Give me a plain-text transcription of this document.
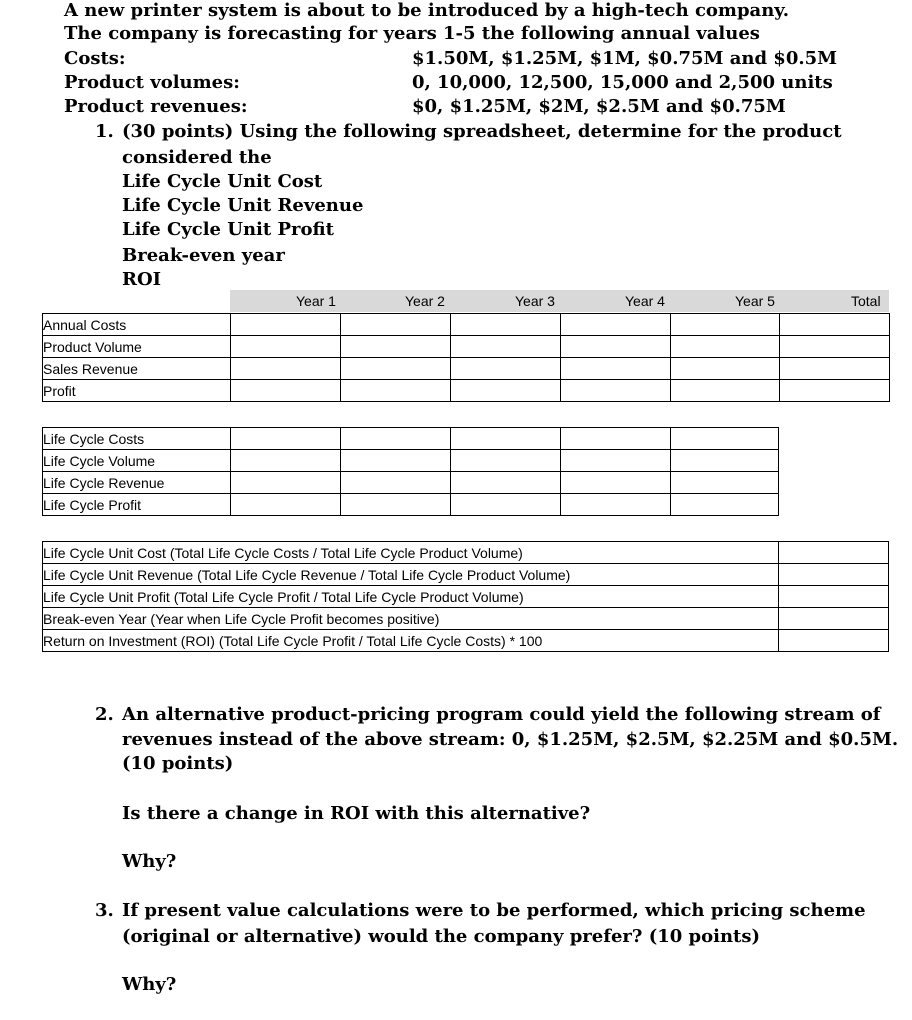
A new printer system is about to be introduced by a high-tech company.
The company is forecasting for years 1-5 the following annual values
Costs:	$1.50M, $1.25M, $1M, $0.75M and $0.5M
Product volumes:	0, 10,000, 12,500, 15,000 and 2,500 units
Product revenues:	$0, $1.25M, $2M, $2.5M and $0.75M
1. (30 points) Using the following spreadsheet, determine for the product
considered the
Life Cycle Unit Cost
Life Cycle Unit Revenue
Life Cycle Unit Profit
Break-even year
ROI
Year 1	Year 2	Year 3	Year 4	Year 5	Total
Annual Costs						
Product Volume						
Sales Revenue						
Profit						
Life Cycle Costs					
Life Cycle Volume					
Life Cycle Revenue					
Life Cycle Profit					
Life Cycle Unit Cost (Total Life Cycle Costs / Total Life Cycle Product Volume)
Life Cycle Unit Revenue (Total Life Cycle Revenue / Total Life Cycle Product Volume)
Life Cycle Unit Profit (Total Life Cycle Profit / Total Life Cycle Product Volume)
Break-even Year (Year when Life Cycle Profit becomes positive)
Return on Investment (ROI) (Total Life Cycle Profit / Total Life Cycle Costs) * 100

2. An alternative product-pricing program could yield the following stream of
revenues instead of the above stream: 0, $1.25M, $2.5M, $2.25M and $0.5M.
(10 points)
Is there a change in ROI with this alternative?
Why?
3. If present value calculations were to be performed, which pricing scheme
(original or alternative) would the company prefer? (10 points)
Why?
